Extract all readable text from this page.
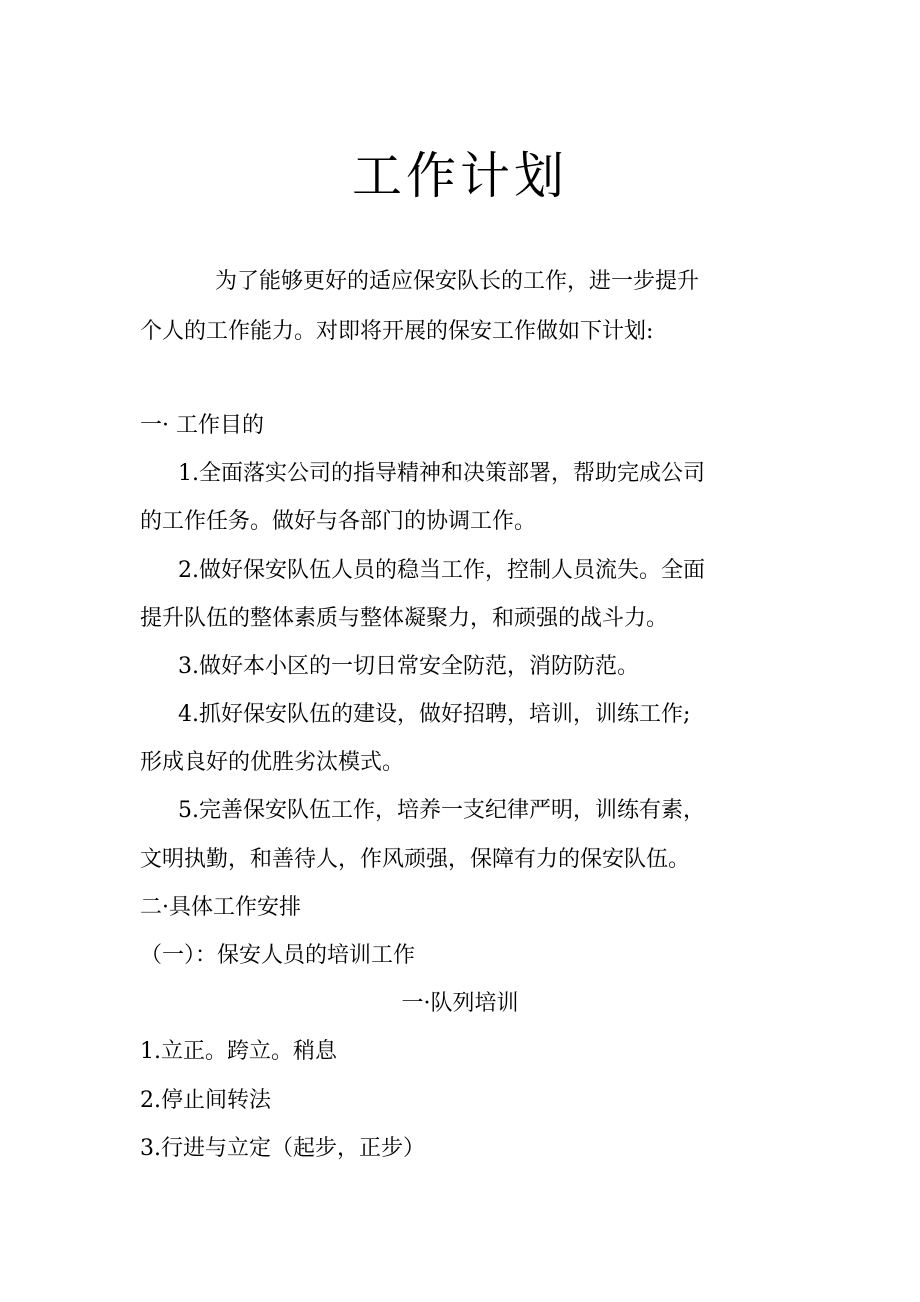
工作计划
为了能够更好的适应保安队长的工作，进一步提升
个人的工作能力。对即将开展的保安工作做如下计划:
一· 工作目的
1.全面落实公司的指导精神和决策部署，帮助完成公司
的工作任务。做好与各部门的协调工作。
2.做好保安队伍人员的稳当工作，控制人员流失。全面
提升队伍的整体素质与整体凝聚力，和顽强的战斗力。
3.做好本小区的一切日常安全防范，消防防范。
4.抓好保安队伍的建设，做好招聘，培训，训练工作;
形成良好的优胜劣汰模式。
5.完善保安队伍工作，培养一支纪律严明，训练有素，
文明执勤，和善待人，作风顽强，保障有力的保安队伍。
二·具体工作安排
（一）：保安人员的培训工作
一·队列培训
1.立正。跨立。稍息
2.停止间转法
3.行进与立定（起步，正步）
